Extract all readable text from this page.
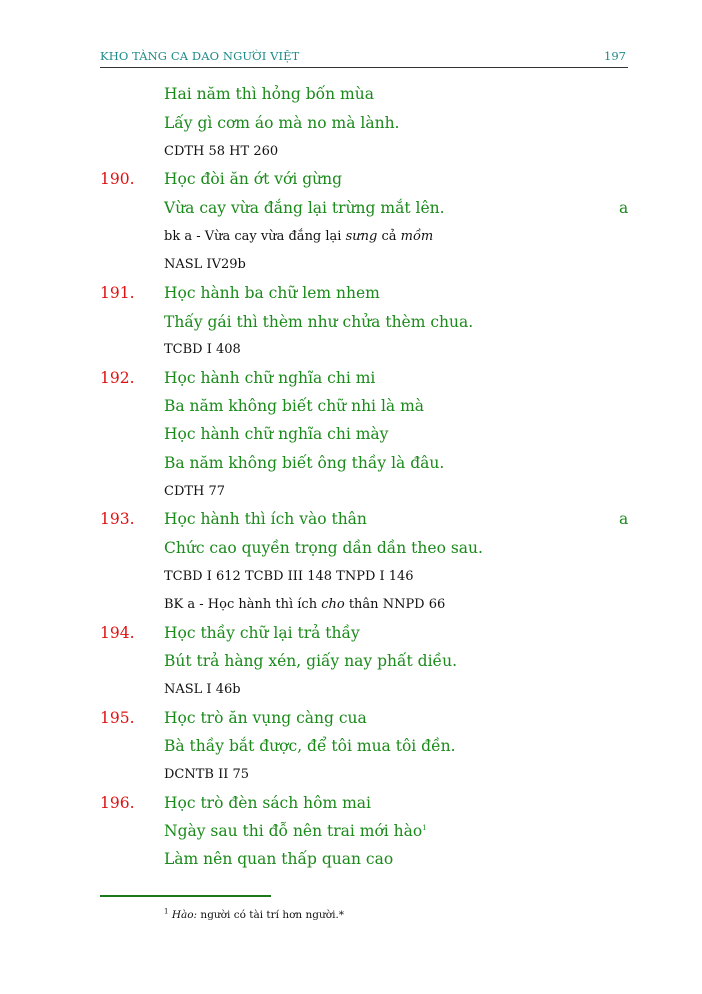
KHO TÀNG CA DAO NGƯỜI VIỆT	197
Hai năm thì hỏng bốn mùa
Lấy gì cơm áo mà no mà lành.
CDTH 58 HT 260
190. Học đòi ăn ớt với gừng
Vừa cay vừa đắng lại trừng mắt lên.	a
bk a - Vừa cay vừa đắng lại sưng cả mồm
NASL IV29b
191. Học hành ba chữ lem nhem
Thấy gái thì thèm như chửa thèm chua.
TCBD I 408
192. Học hành chữ nghĩa chi mi
Ba năm không biết chữ nhi là mà
Học hành chữ nghĩa chi mày
Ba năm không biết ông thầy là đâu.
CDTH 77
193. Học hành thì ích vào thân	a
Chức cao quyền trọng dần dần theo sau.
TCBD I 612 TCBD III 148 TNPD I 146
BK a - Học hành thì ích cho thân NNPD 66
194. Học thầy chữ lại trả thầy
Bút trả hàng xén, giấy nay phất diều.
NASL I 46b
195. Học trò ăn vụng càng cua
Bà thầy bắt được, để tôi mua tôi đền.
DCNTB II 75
196. Học trò đèn sách hôm mai
Ngày sau thi đỗ nên trai mới hào$^1$
Làm nên quan thấp quan cao
$^1$ Hào: người có tài trí hơn người.*
